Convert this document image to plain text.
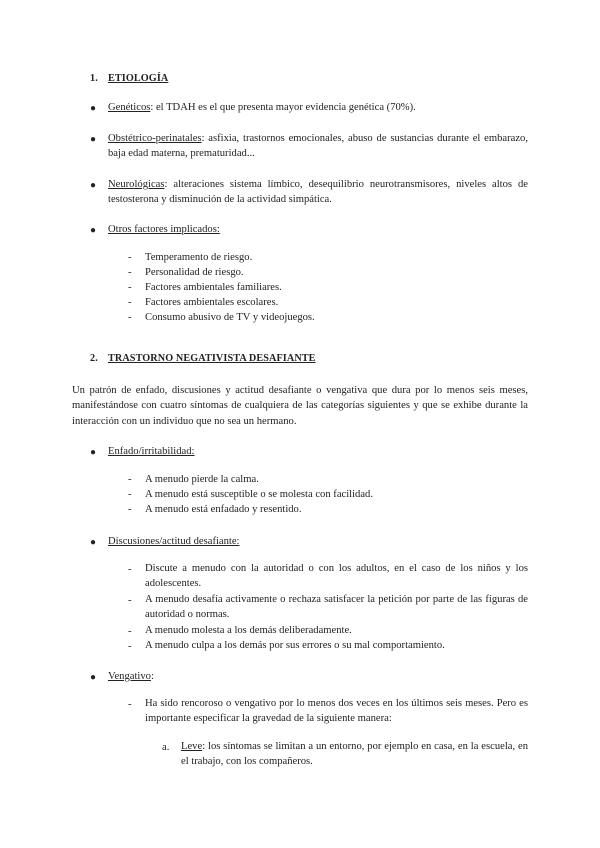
1. ETIOLOGÍA
● Genéticos: el TDAH es el que presenta mayor evidencia genética (70%).
● Obstétrico-perinatales: asfixia, trastornos emocionales, abuso de sustancias durante el embarazo, baja edad materna, prematuridad...
● Neurológicas: alteraciones sistema límbico, desequilibrio neurotransmisores, niveles altos de testosterona y disminución de la actividad simpática.
● Otros factores implicados:
- Temperamento de riesgo.
- Personalidad de riesgo.
- Factores ambientales familiares.
- Factores ambientales escolares.
- Consumo abusivo de TV y videojuegos.
2. TRASTORNO NEGATIVISTA DESAFIANTE
Un patrón de enfado, discusiones y actitud desafiante o vengativa que dura por lo menos seis meses, manifestándose con cuatro síntomas de cualquiera de las categorías siguientes y que se exhibe durante la interacción con un individuo que no sea un hermano.
● Enfado/irritabilidad:
- A menudo pierde la calma.
- A menudo está susceptible o se molesta con facilidad.
- A menudo está enfadado y resentido.
● Discusiones/actitud desafiante:
- Discute a menudo con la autoridad o con los adultos, en el caso de los niños y los adolescentes.
- A menudo desafía activamente o rechaza satisfacer la petición por parte de las figuras de autoridad o normas.
- A menudo molesta a los demás deliberadamente.
- A menudo culpa a los demás por sus errores o su mal comportamiento.
● Vengativo:
- Ha sido rencoroso o vengativo por lo menos dos veces en los últimos seis meses. Pero es importante especificar la gravedad de la siguiente manera:
a. Leve: los síntomas se limitan a un entorno, por ejemplo en casa, en la escuela, en el trabajo, con los compañeros.
